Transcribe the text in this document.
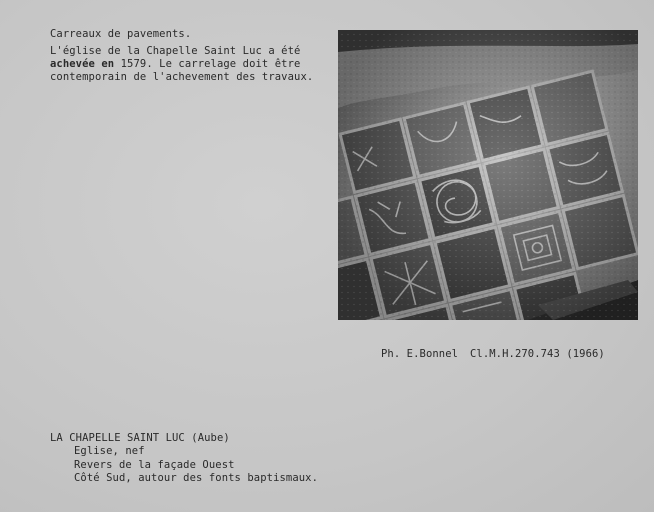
Carreaux de pavements.
L'église de la Chapelle Saint Luc a été
achevée en 1579. Le carrelage doit être
contemporain de l'achevement des travaux.
Ph. E.Bonnel Cl.M.H.270.743 (1966)
LA CHAPELLE SAINT LUC (Aube)
Eglise, nef
Revers de la façade Ouest
Côté Sud, autour des fonts baptismaux.
